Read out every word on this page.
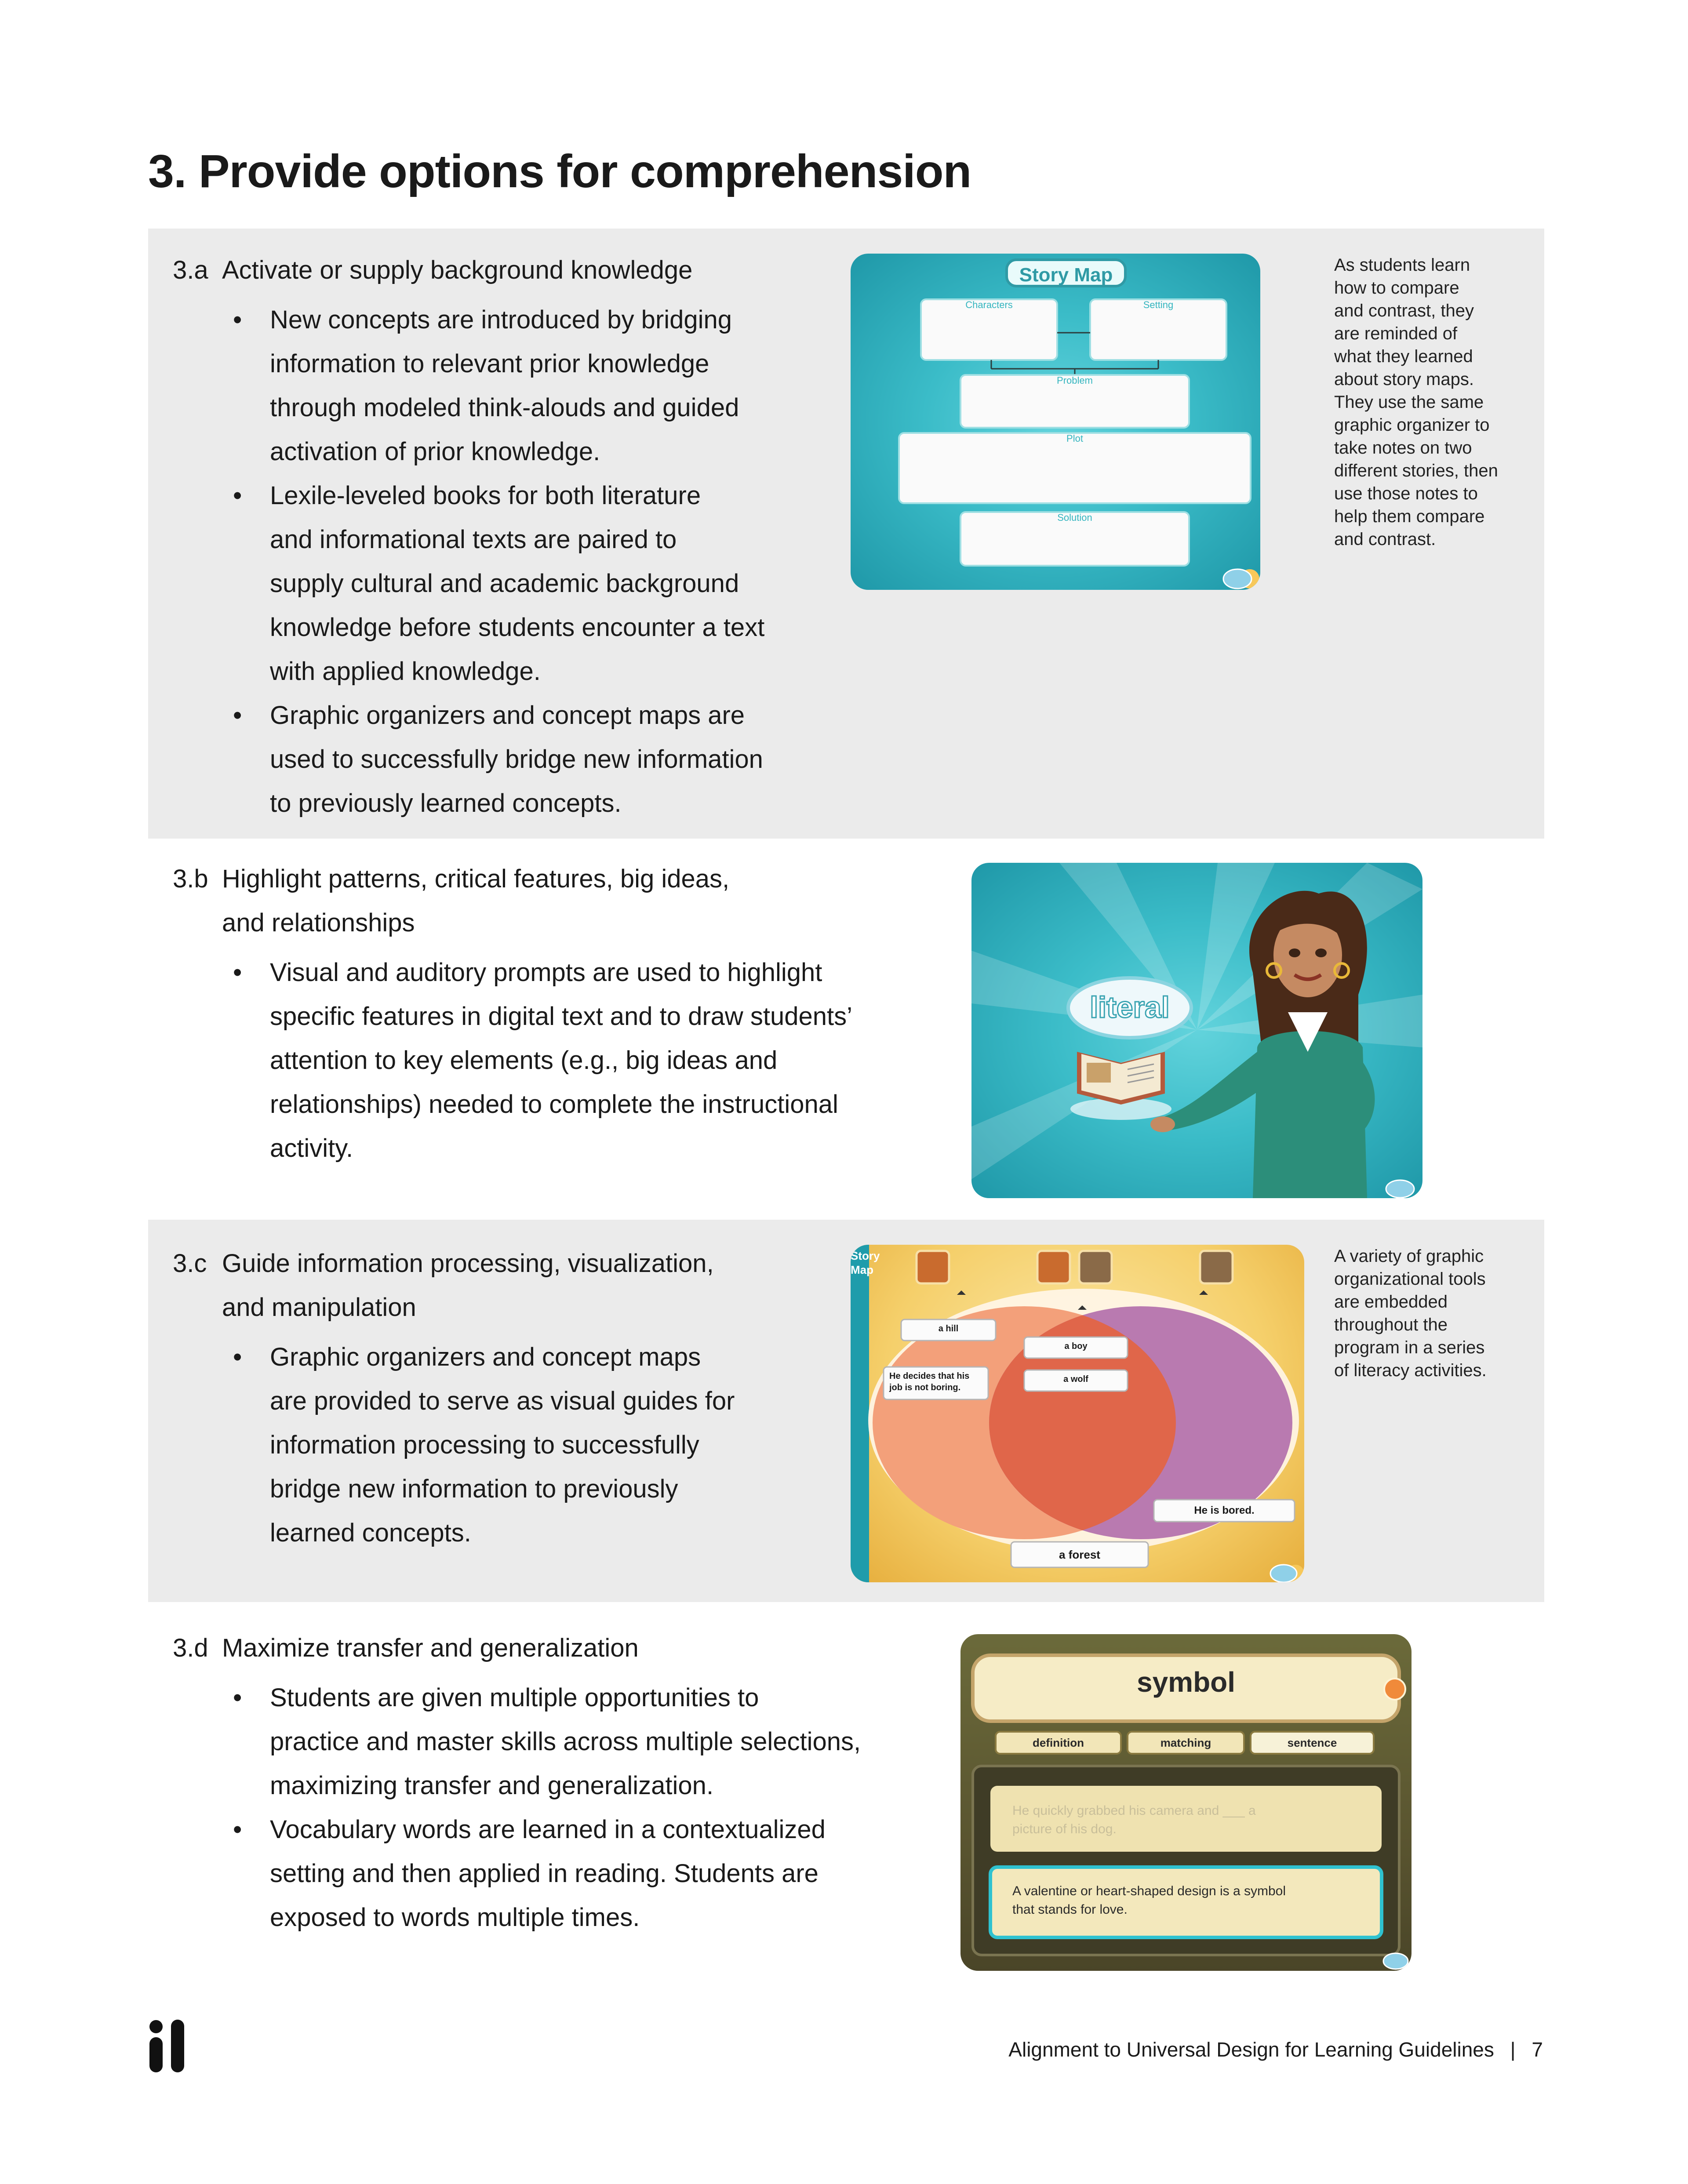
3. Provide options for comprehension
3.a Activate or supply background knowledge
• New concepts are introduced by bridging
information to relevant prior knowledge
through modeled think-alouds and guided
activation of prior knowledge.
• Lexile-leveled books for both literature
and informational texts are paired to
supply cultural and academic background
knowledge before students encounter a text
with applied knowledge.
• Graphic organizers and concept maps are
used to successfully bridge new information
to previously learned concepts.
Story Map
Characters	Setting
Problem
Plot
Solution
As students learn
how to compare
and contrast, they
are reminded of
what they learned
about story maps.
They use the same
graphic organizer to
take notes on two
different stories, then
use those notes to
help them compare
and contrast.
3.b Highlight patterns, critical features, big ideas,
and relationships
• Visual and auditory prompts are used to highlight
specific features in digital text and to draw students’
attention to key elements (e.g., big ideas and
relationships) needed to complete the instructional
activity.
literal
3.c Guide information processing, visualization,
and manipulation
• Graphic organizers and concept maps
are provided to serve as visual guides for
information processing to successfully
bridge new information to previously
learned concepts.
Story
Map
a hill
a boy
a wolf
He decides that his
job is not boring.
He is bored.
a forest
A variety of graphic
organizational tools
are embedded
throughout the
program in a series
of literacy activities.
3.d Maximize transfer and generalization
• Students are given multiple opportunities to
practice and master skills across multiple selections,
maximizing transfer and generalization.
• Vocabulary words are learned in a contextualized
setting and then applied in reading. Students are
exposed to words multiple times.
symbol
definition	matching	sentence
He quickly grabbed his camera and ___ a
picture of his dog.
A valentine or heart-shaped design is a symbol
that stands for love.
Alignment to Universal Design for Learning Guidelines | 7
